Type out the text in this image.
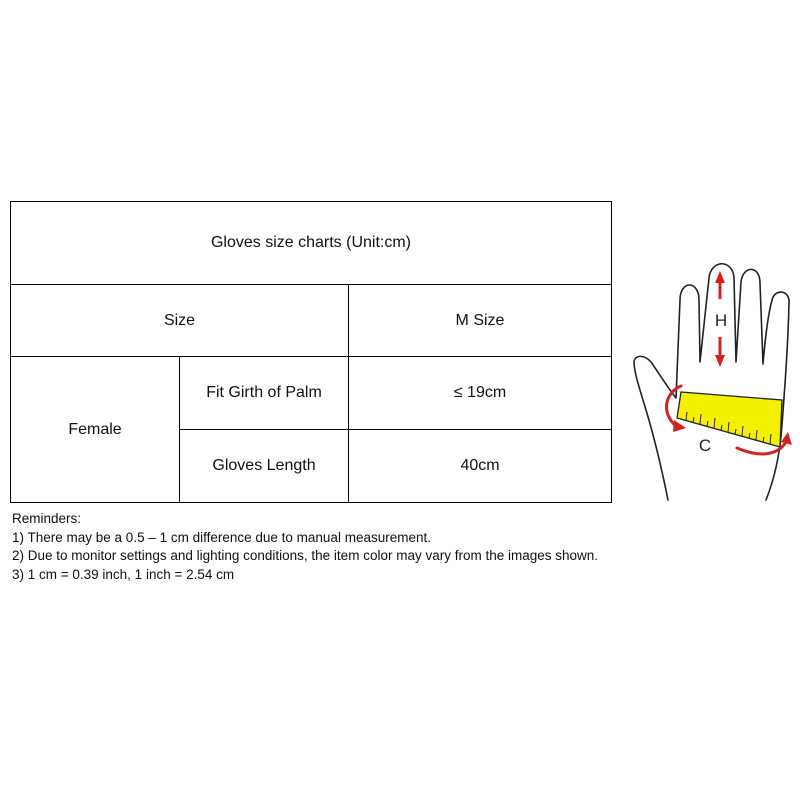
Gloves size charts (Unit:cm)
Size	M Size
Female
Fit Girth of Palm	≤ 19cm
Gloves Length	40cm
Reminders:
1) There may be a 0.5 – 1 cm difference due to manual measurement.
2) Due to monitor settings and lighting conditions, the item color may vary from the images shown.
3) 1 cm = 0.39 inch, 1 inch = 2.54 cm
H
C
